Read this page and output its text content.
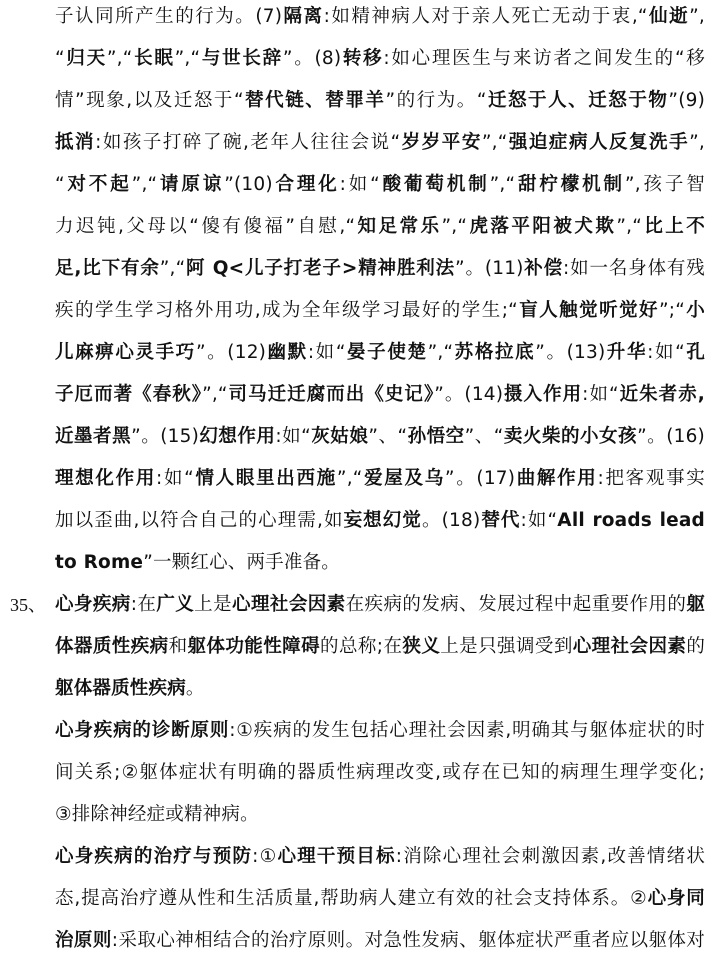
35、
子认同所产生的行为。(7)隔离:如精神病人对于亲人死亡无动于衷,“仙逝”,
“归天”,“长眠”,“与世长辞”。(8)转移:如心理医生与来访者之间发生的“移
情”现象,以及迁怒于“替代链、替罪羊”的行为。“迁怒于人、迁怒于物”(9)
抵消:如孩子打碎了碗,老年人往往会说“岁岁平安”,“强迫症病人反复洗手”,
“对不起”,“请原谅”(10)合理化:如“酸葡萄机制”,“甜柠檬机制”,孩子智
力迟钝,父母以“傻有傻福”自慰,“知足常乐”,“虎落平阳被犬欺”,“比上不
足,比下有余”,“阿 Q<儿子打老子>精神胜利法”。(11)补偿:如一名身体有残
疾的学生学习格外用功,成为全年级学习最好的学生;“盲人触觉听觉好”;“小
儿麻痹心灵手巧”。(12)幽默:如“晏子使楚”,“苏格拉底”。(13)升华:如“孔
子厄而著《春秋》”,“司马迁迁腐而出《史记》”。(14)摄入作用:如“近朱者赤,
近墨者黑”。(15)幻想作用:如“灰姑娘”、“孙悟空”、“卖火柴的小女孩”。(16)
理想化作用:如“情人眼里出西施”,“爱屋及乌”。(17)曲解作用:把客观事实
加以歪曲,以符合自己的心理需,如妄想幻觉。(18)替代:如“All roads lead
to Rome”一颗红心、两手准备。
心身疾病:在广义上是心理社会因素在疾病的发病、发展过程中起重要作用的躯
体器质性疾病和躯体功能性障碍的总称;在狭义上是只强调受到心理社会因素的
躯体器质性疾病。
心身疾病的诊断原则:①疾病的发生包括心理社会因素,明确其与躯体症状的时
间关系;②躯体症状有明确的器质性病理改变,或存在已知的病理生理学变化;
③排除神经症或精神病。
心身疾病的治疗与预防:①心理干预目标:消除心理社会刺激因素,改善情绪状
态,提高治疗遵从性和生活质量,帮助病人建立有效的社会支持体系。②心身同
治原则:采取心神相结合的治疗原则。对急性发病、躯体症状严重者应以躯体对
